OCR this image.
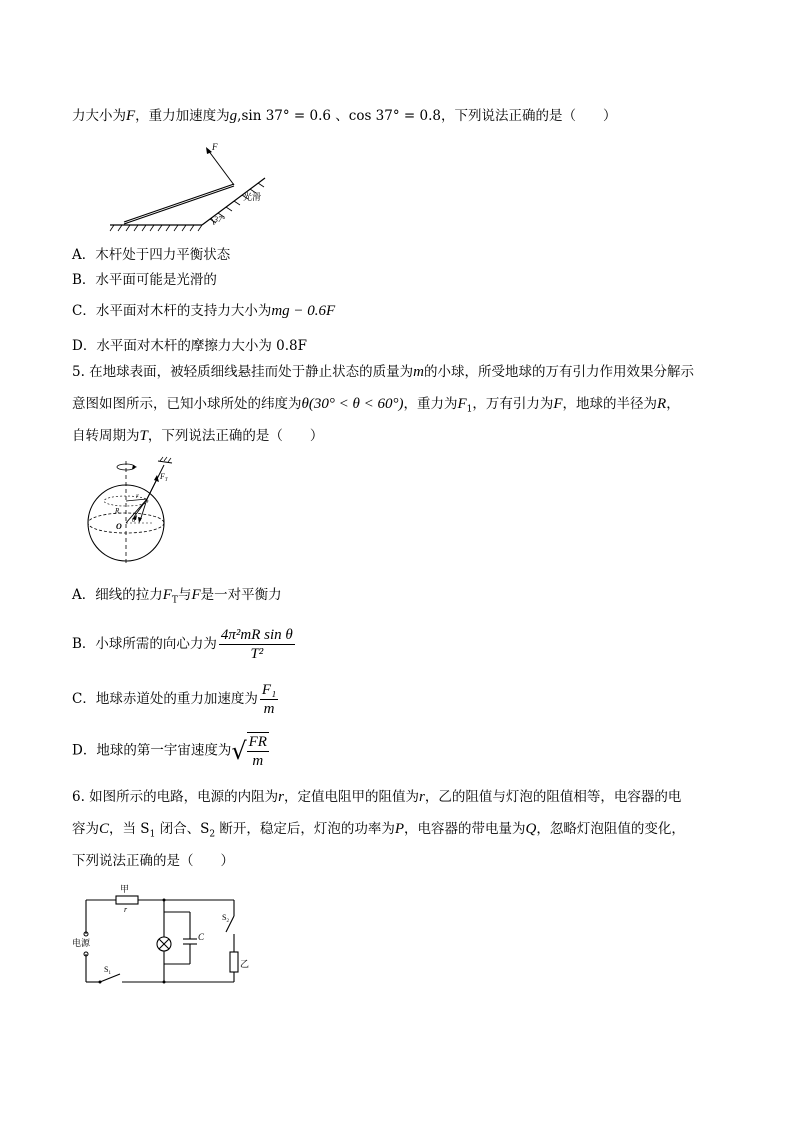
力大小为F，重力加速度为g,sin 37° = 0.6 、cos 37° = 0.8，下列说法正确的是（　　）
F
光滑
37°
A．木杆处于四力平衡状态
B．水平面可能是光滑的
C．水平面对木杆的支持力大小为mg − 0.6F
D．水平面对木杆的摩擦力大小为 0.8F
5. 在地球表面，被轻质细线悬挂而处于静止状态的质量为m的小球，所受地球的万有引力作用效果分解示
意图如图所示，已知小球所处的纬度为θ(30° < θ < 60°)，重力为$F_1$，万有引力为F，地球的半径为R，
自转周期为T，下列说法正确的是（　　）
$F_T$
r
R
θ
O
A．细线的拉力$F_T$与F是一对平衡力
B．小球所需的向心力为 $\frac{\text{4π²mR sin θ}}{\text{T²}}$
C．地球赤道处的重力加速度为 $\frac{\text{F₁}}{m}$
D．地球的第一宇宙速度为√ $\frac{FR}{m}$
6. 如图所示的电路，电源的内阻为r，定值电阻甲的阻值为r，乙的阻值与灯泡的阻值相等，电容器的电
容为C，当 $S_1$ 闭合、$S_2$ 断开，稳定后，灯泡的功率为P，电容器的带电量为Q，忽略灯泡阻值的变化，
下列说法正确的是（　　）
甲
r
C
乙
电源
$S_1$
$S_2$
